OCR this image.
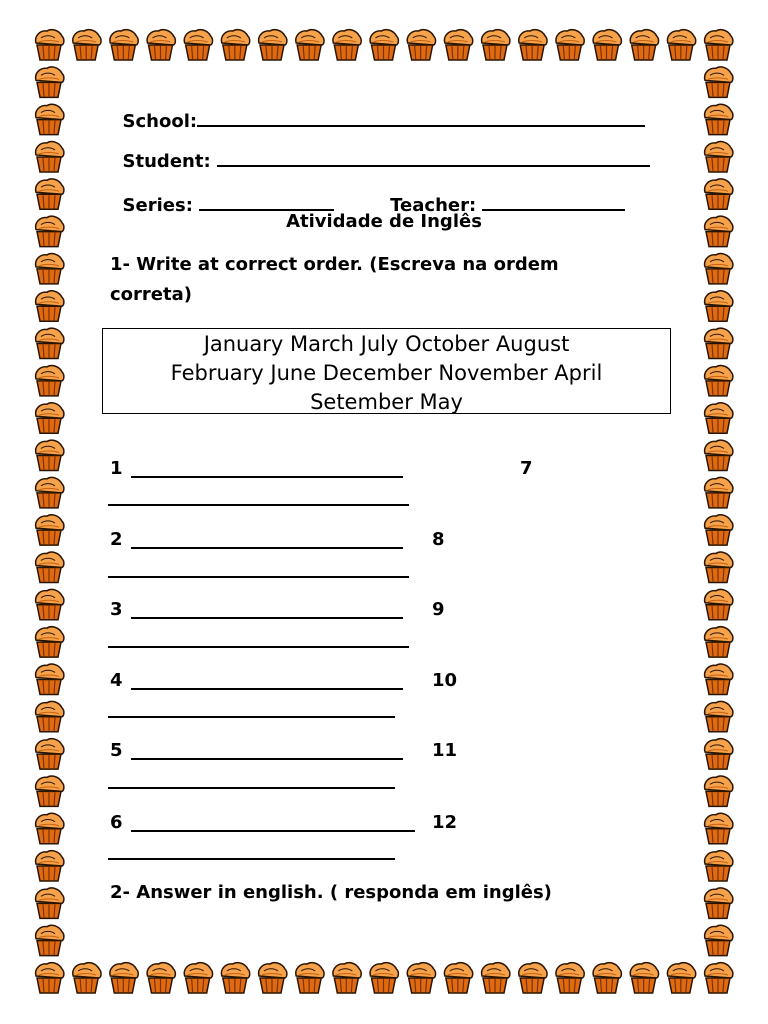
School:

Student:

Series:	Teacher:

Atividade de Inglês
1- Write at correct order. (Escreva na ordem
correta)
January March July October August
February June December November April
Setember May
1	7
2	8
3	9
4	10
5	11
6	12
2- Answer in english. ( responda em inglês)
